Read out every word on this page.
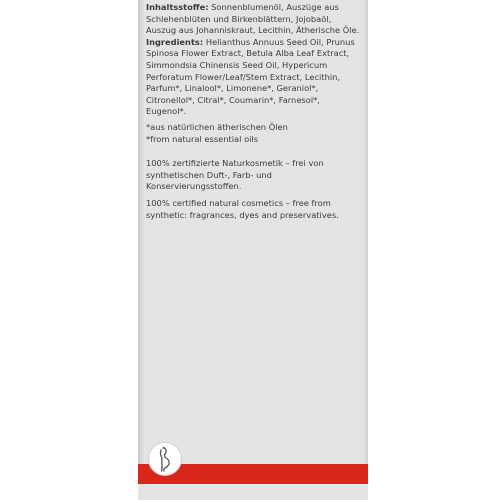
Inhaltsstoffe: Sonnenblumenöl, Auszüge aus Schlehenblüten und Birkenblättern, Jojobaöl, Auszug aus Johanniskraut, Lecithin, Ätherische Öle.

Ingredients: Helianthus Annuus Seed Oil, Prunus Spinosa Flower Extract, Betula Alba Leaf Extract, Simmondsia Chinensis Seed Oil, Hypericum Perforatum Flower/Leaf/Stem Extract, Lecithin, Parfum*, Linalool*, Limonene*, Geraniol*, Citronellol*, Citral*, Coumarin*, Farnesol*, Eugenol*.

*aus natürlichen ätherischen Ölen

*from natural essential oils

100% zertifizierte Naturkosmetik – frei von synthetischen Duft-, Farb- und Konservierungsstoffen.

100% certified natural cosmetics – free from synthetic: fragrances, dyes and preservatives.
